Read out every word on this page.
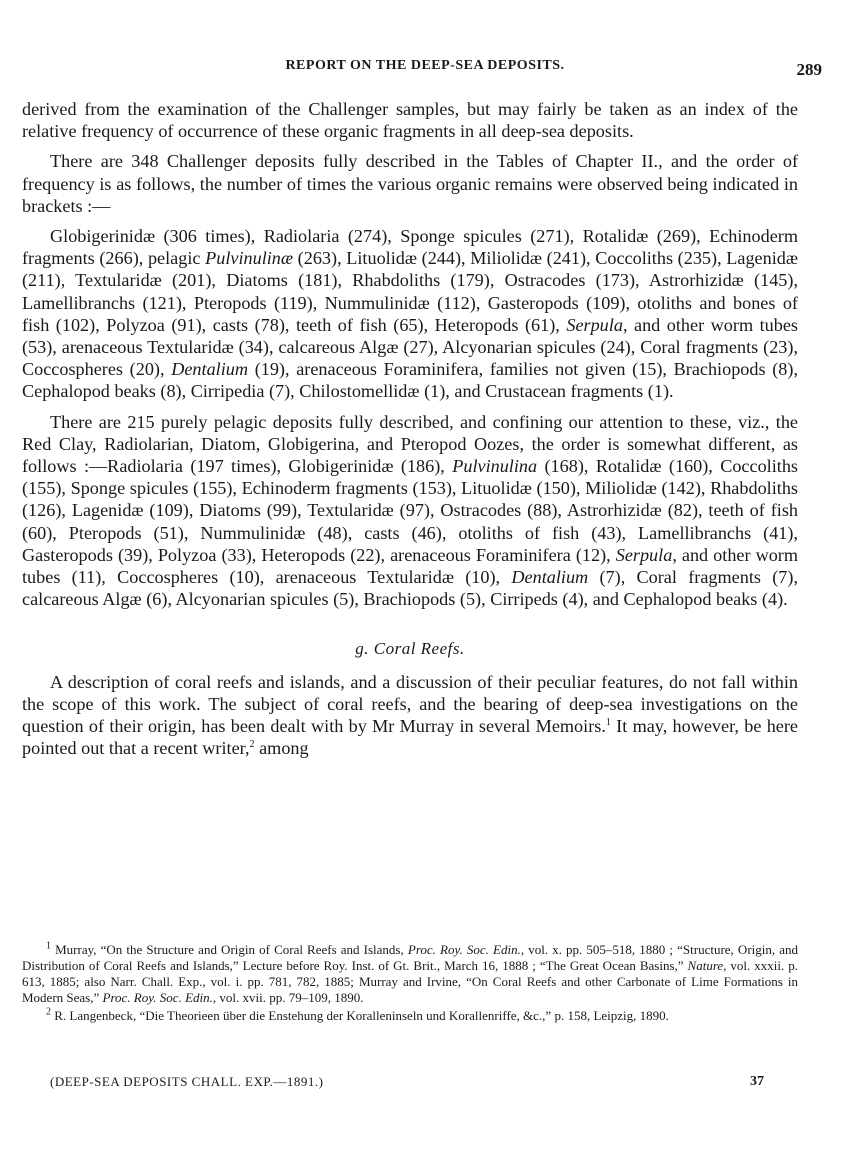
REPORT ON THE DEEP-SEA DEPOSITS.	289

derived from the examination of the Challenger samples, but may fairly be taken as an index of the relative frequency of occurrence of these organic fragments in all deep-sea deposits.

There are 348 Challenger deposits fully described in the Tables of Chapter II., and the order of frequency is as follows, the number of times the various organic remains were observed being indicated in brackets :—

Globigerinidæ (306 times), Radiolaria (274), Sponge spicules (271), Rotalidæ (269), Echinoderm fragments (266), pelagic Pulvinulinæ (263), Lituolidæ (244), Miliolidæ (241), Coccoliths (235), Lagenidæ (211), Textularidæ (201), Diatoms (181), Rhabdoliths (179), Ostracodes (173), Astrorhizidæ (145), Lamellibranchs (121), Pteropods (119), Nummulinidæ (112), Gasteropods (109), otoliths and bones of fish (102), Polyzoa (91), casts (78), teeth of fish (65), Heteropods (61), Serpula, and other worm tubes (53), arenaceous Textularidæ (34), calcareous Algæ (27), Alcyonarian spicules (24), Coral fragments (23), Coccospheres (20), Dentalium (19), arenaceous Foraminifera, families not given (15), Brachiopods (8), Cephalopod beaks (8), Cirripedia (7), Chilostomellidæ (1), and Crustacean fragments (1).

There are 215 purely pelagic deposits fully described, and confining our attention to these, viz., the Red Clay, Radiolarian, Diatom, Globigerina, and Pteropod Oozes, the order is somewhat different, as follows :—Radiolaria (197 times), Globigerinidæ (186), Pulvinulina (168), Rotalidæ (160), Coccoliths (155), Sponge spicules (155), Echinoderm fragments (153), Lituolidæ (150), Miliolidæ (142), Rhabdoliths (126), Lagenidæ (109), Diatoms (99), Textularidæ (97), Ostracodes (88), Astrorhizidæ (82), teeth of fish (60), Pteropods (51), Nummulinidæ (48), casts (46), otoliths of fish (43), Lamellibranchs (41), Gasteropods (39), Polyzoa (33), Heteropods (22), arenaceous Foraminifera (12), Serpula, and other worm tubes (11), Coccospheres (10), arenaceous Textularidæ (10), Dentalium (7), Coral fragments (7), calcareous Algæ (6), Alcyonarian spicules (5), Brachiopods (5), Cirripeds (4), and Cephalopod beaks (4).

g. Coral Reefs.

A description of coral reefs and islands, and a discussion of their peculiar features, do not fall within the scope of this work. The subject of coral reefs, and the bearing of deep-sea investigations on the question of their origin, has been dealt with by Mr Murray in several Memoirs.$^1$ It may, however, be here pointed out that a recent writer,$^2$ among

$^1$ Murray, “On the Structure and Origin of Coral Reefs and Islands, Proc. Roy. Soc. Edin., vol. x. pp. 505–518, 1880 ; “Structure, Origin, and Distribution of Coral Reefs and Islands,” Lecture before Roy. Inst. of Gt. Brit., March 16, 1888 ; “The Great Ocean Basins,” Nature, vol. xxxii. p. 613, 1885; also Narr. Chall. Exp., vol. i. pp. 781, 782, 1885; Murray and Irvine, “On Coral Reefs and other Carbonate of Lime Formations in Modern Seas,” Proc. Roy. Soc. Edin., vol. xvii. pp. 79–109, 1890.

$^2$ R. Langenbeck, “Die Theorieen über die Enstehung der Koralleninseln und Korallenriffe, &c.,” p. 158, Leipzig, 1890.

(DEEP-SEA DEPOSITS CHALL. EXP.—1891.)	37
